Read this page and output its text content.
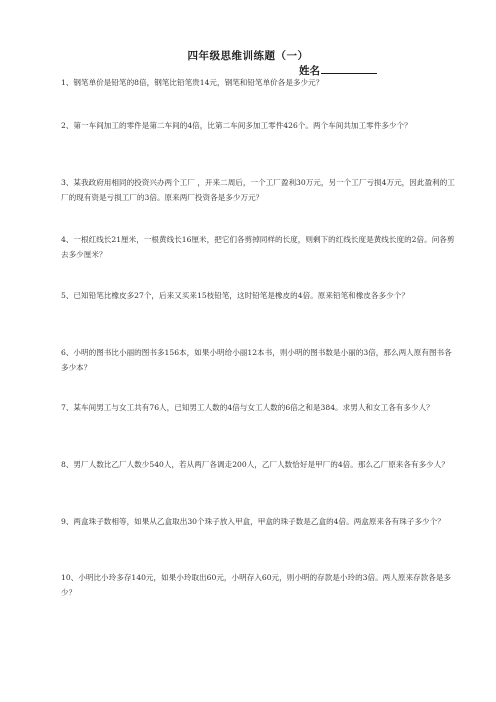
四年级思维训练题（一）
姓名
1、钢笔单价是铅笔的8倍，钢笔比铅笔贵14元，钢笔和铅笔单价各是多少元？
2、第一车间加工的零件是第二车间的4倍，比第二车间多加工零件426个。两个车间共加工零件多少个？
3、某我政府用相同的投资兴办两个工厂 ，开来二周后，一个工厂盈利30万元，另一个工厂亏损4万元，因此盈利的工厂的现有资是亏损工厂的3倍。原来两厂投资各是多少万元？
4、一根红线长21厘米，一根黄线长16厘米，把它们各剪掉同样的长度，则剩下的红线长度是黄线长度的2倍。问各剪去多少厘米？
5、已知铅笔比橡皮多27个，后来又买来15枝铅笔，这时铅笔是橡皮的4倍。原来铅笔和橡皮各多少个？
6、小明的图书比小丽的图书多156本，如果小明给小丽12本书，则小明的图书数是小丽的3倍，那么两人原有图书各多少本？
7、某车间男工与女工共有76人，已知男工人数的4倍与女工人数的6倍之和是384。求男人和女工各有多少人？
8、男厂人数比乙厂人数少540人，若从两厂各调走200人，乙厂人数恰好是甲厂的4倍。那么乙厂原来各有多少人？
9、两盒珠子数相等，如果从乙盒取出30个珠子放入甲盒，甲盒的珠子数是乙盒的4倍。两盒原来各有珠子多少个？
10、小明比小玲多存140元，如果小玲取出60元，小明存入60元，则小明的存款是小玲的3倍。两人原来存款各是多少？
